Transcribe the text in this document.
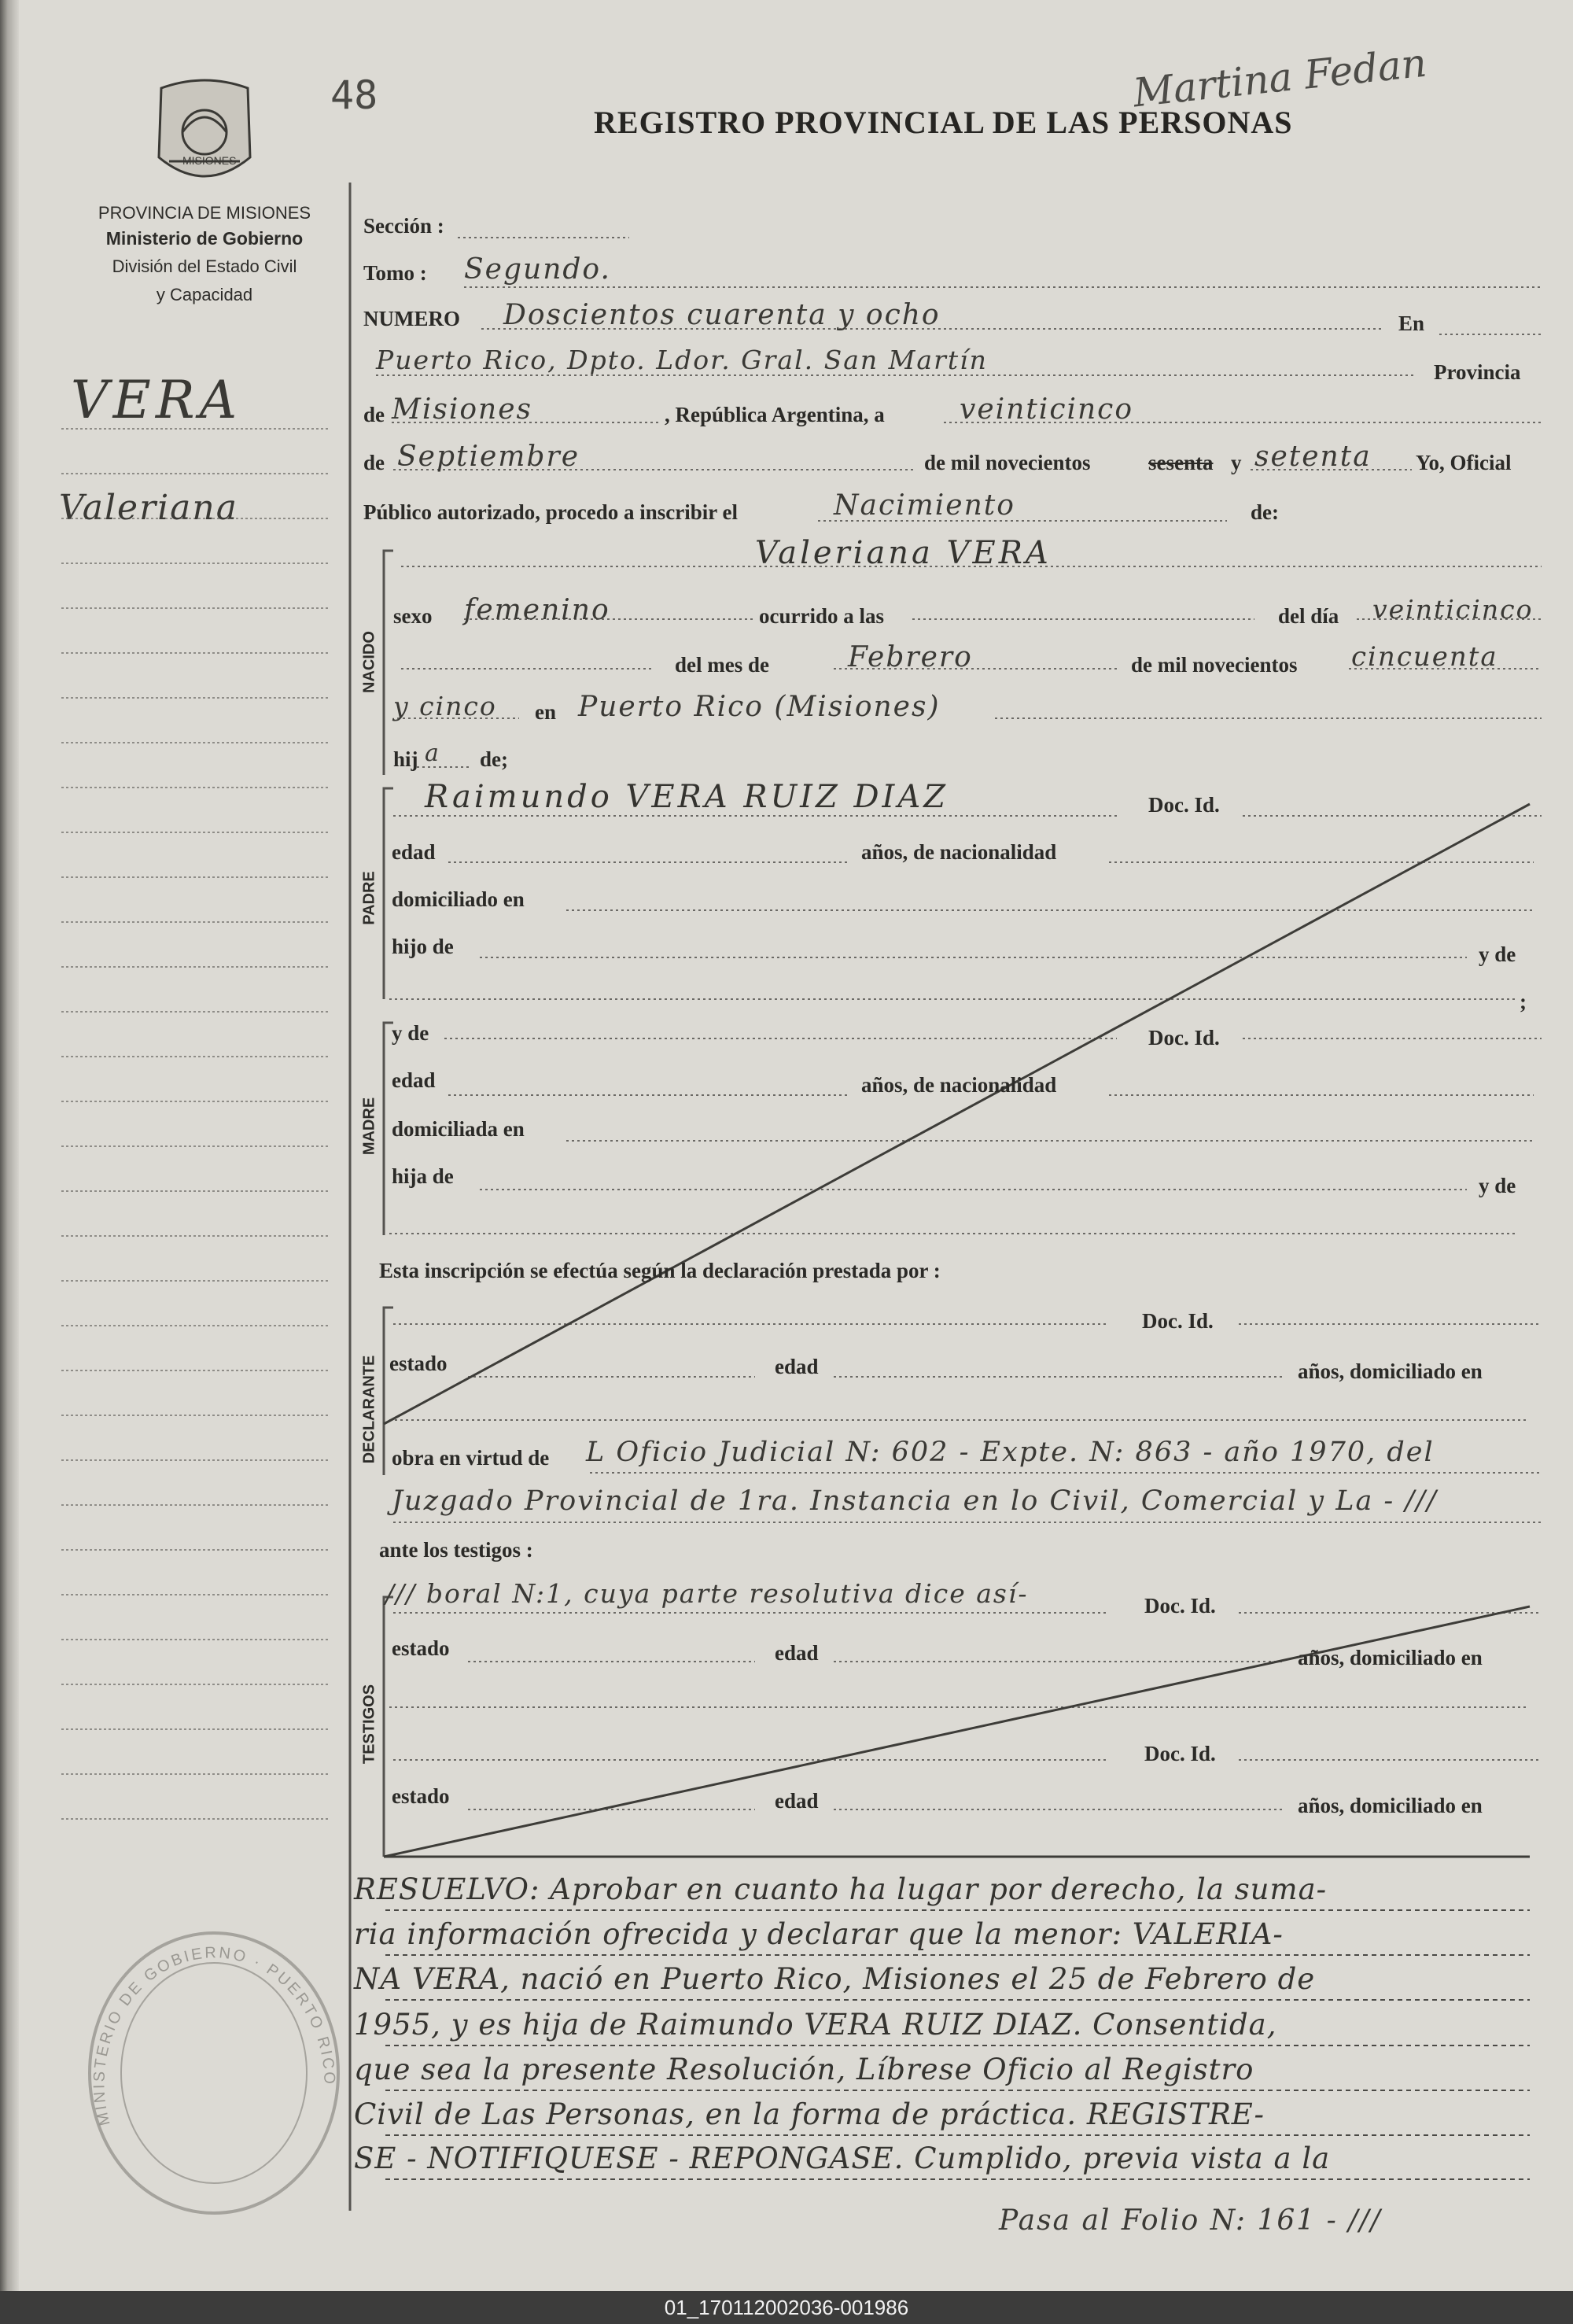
48
REGISTRO PROVINCIAL DE LAS PERSONAS
Martina Fedan
MISIONES
PROVINCIA DE MISIONES
Ministerio de Gobierno
División del Estado Civil
y Capacidad
VERA
Valeriana
Sección :
Tomo : Segundo.
NUMERO Doscientos cuarenta y ocho	En
Puerto Rico, Dpto. Ldor. Gral. San Martín	Provincia
de Misiones	, República Argentina, a	veinticinco
de Septiembre	de mil novecientos	sesenta y setenta Yo, Oficial
Público autorizado, procedo a inscribir el	Nacimiento	de:
NACIDO
Valeriana VERA
sexo femenino	ocurrido a las	del día veinticinco
del mes de	Febrero	de mil novecientos cincuenta
y cinco en Puerto Rico (Misiones)
hij a de;
PADRE
Raimundo VERA RUIZ DIAZ	Doc. Id.
edad	años, de nacionalidad
domiciliado en
hijo de	y de
;
MADRE
y de	Doc. Id.
edad	años, de nacionalidad
domiciliada en
hija de	y de
Esta inscripción se efectúa según la declaración prestada por :
DECLARANTE
Doc. Id.
estado	edad	años, domiciliado en
obra en virtud de L Oficio Judicial N: 602 - Expte. N: 863 - año 1970, del
Juzgado Provincial de 1ra. Instancia en lo Civil, Comercial y La - ///
ante los testigos :
TESTIGOS
/// boral N:1, cuya parte resolutiva dice así-	Doc. Id.
estado	edad	años, domiciliado en
Doc. Id.
estado	edad	años, domiciliado en
RESUELVO: Aprobar en cuanto ha lugar por derecho, la suma-
ria información ofrecida y declarar que la menor: VALERIA-
NA VERA, nació en Puerto Rico, Misiones el 25 de Febrero de
1955, y es hija de Raimundo VERA RUIZ DIAZ. Consentida,
que sea la presente Resolución, Líbrese Oficio al Registro
Civil de Las Personas, en la forma de práctica. REGISTRE-
SE - NOTIFIQUESE - REPONGASE. Cumplido, previa vista a la
Pasa al Folio N: 161 - ///
MINISTERIO DE GOBIERNO · PUERTO RICO
01_170112002036-001986
